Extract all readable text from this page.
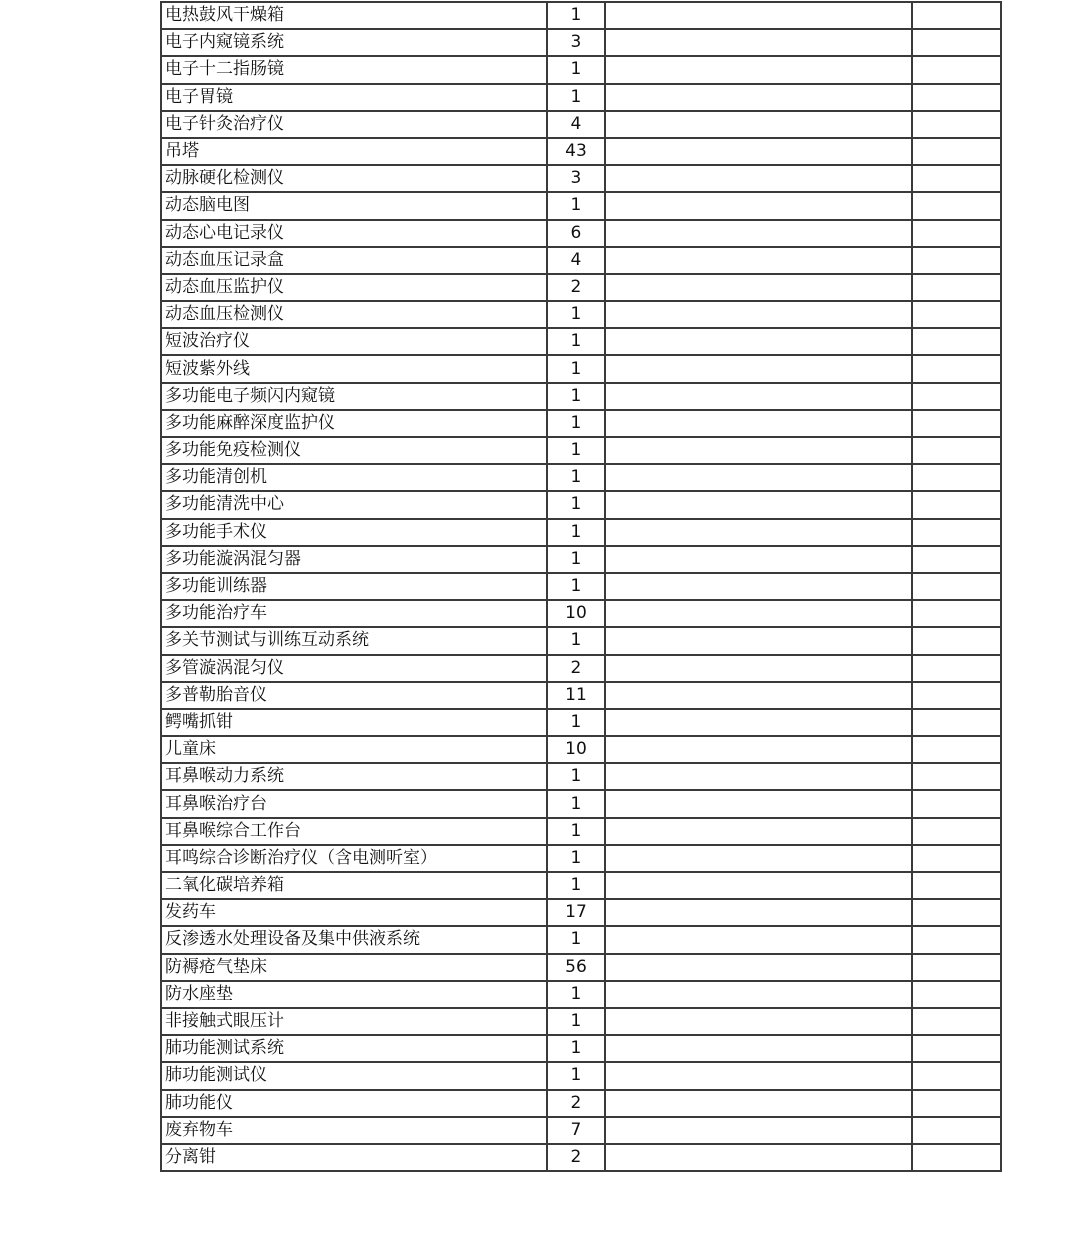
电热鼓风干燥箱	1		
电子内窥镜系统	3		
电子十二指肠镜	1		
电子胃镜	1		
电子针灸治疗仪	4		
吊塔	43		
动脉硬化检测仪	3		
动态脑电图	1		
动态心电记录仪	6		
动态血压记录盒	4		
动态血压监护仪	2		
动态血压检测仪	1		
短波治疗仪	1		
短波紫外线	1		
多功能电子频闪内窥镜	1		
多功能麻醉深度监护仪	1		
多功能免疫检测仪	1		
多功能清创机	1		
多功能清洗中心	1		
多功能手术仪	1		
多功能漩涡混匀器	1		
多功能训练器	1		
多功能治疗车	10		
多关节测试与训练互动系统	1		
多管漩涡混匀仪	2		
多普勒胎音仪	11		
鳄嘴抓钳	1		
儿童床	10		
耳鼻喉动力系统	1		
耳鼻喉治疗台	1		
耳鼻喉综合工作台	1		
耳鸣综合诊断治疗仪（含电测听室）	1		
二氧化碳培养箱	1		
发药车	17		
反渗透水处理设备及集中供液系统	1		
防褥疮气垫床	56		
防水座垫	1		
非接触式眼压计	1		
肺功能测试系统	1		
肺功能测试仪	1		
肺功能仪	2		
废弃物车	7		
分离钳	2		
